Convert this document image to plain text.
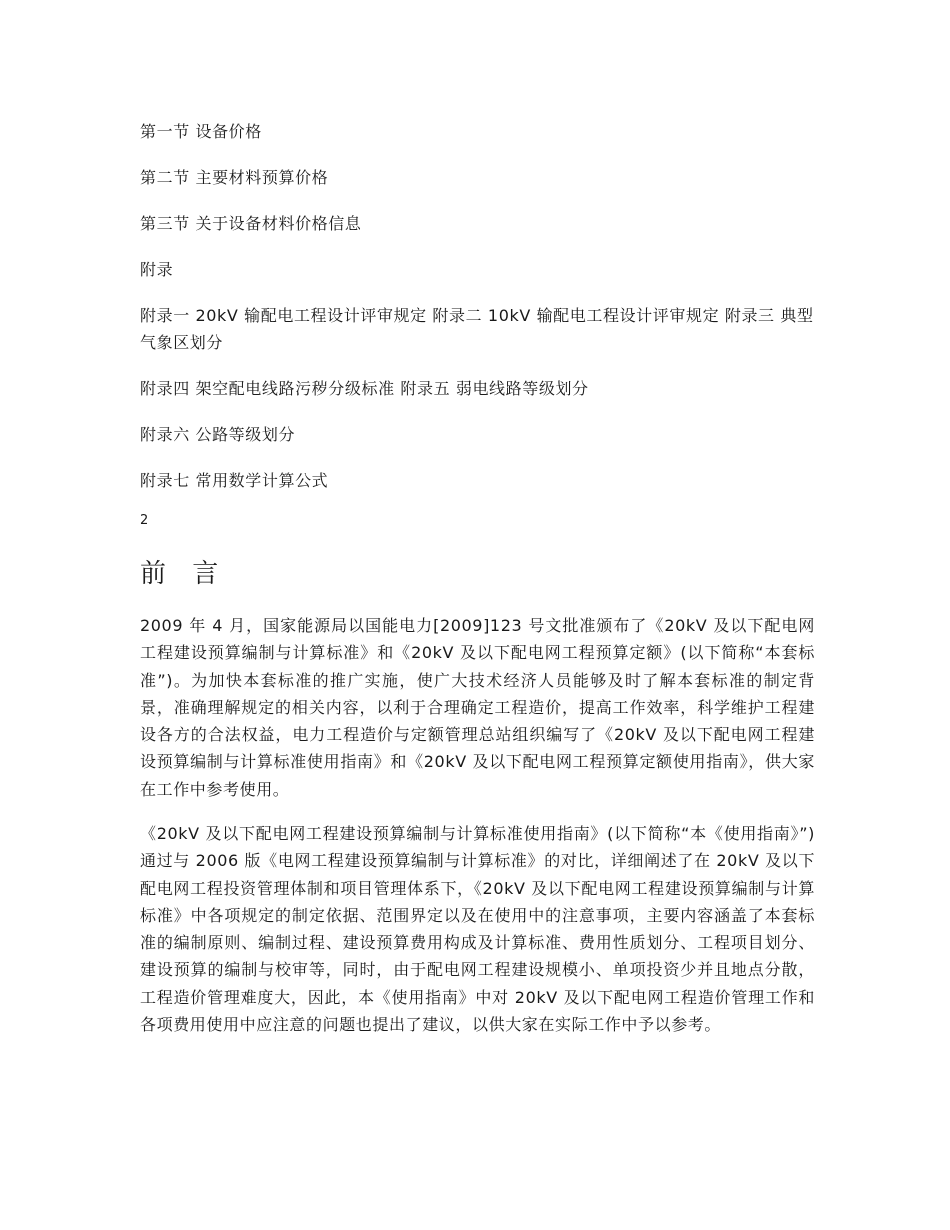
第一节 设备价格
第二节 主要材料预算价格
第三节 关于设备材料价格信息
附录
附录一 20kV 输配电工程设计评审规定 附录二 10kV 输配电工程设计评审规定 附录三 典型气象区划分
附录四 架空配电线路污秽分级标准 附录五 弱电线路等级划分
附录六 公路等级划分
附录七 常用数学计算公式
2
前 言

2009 年 4 月，国家能源局以国能电力[2009]123 号文批准颁布了《20kV 及以下配电网工程建设预算编制与计算标准》和《20kV 及以下配电网工程预算定额》(以下简称“本套标准”)。为加快本套标准的推广实施，使广大技术经济人员能够及时了解本套标准的制定背景，准确理解规定的相关内容，以利于合理确定工程造价，提高工作效率，科学维护工程建设各方的合法权益，电力工程造价与定额管理总站组织编写了《20kV 及以下配电网工程建设预算编制与计算标准使用指南》和《20kV 及以下配电网工程预算定额使用指南》，供大家在工作中参考使用。

《20kV 及以下配电网工程建设预算编制与计算标准使用指南》(以下简称“本《使用指南》”)通过与 2006 版《电网工程建设预算编制与计算标准》的对比，详细阐述了在 20kV 及以下配电网工程投资管理体制和项目管理体系下，《20kV 及以下配电网工程建设预算编制与计算标准》中各项规定的制定依据、范围界定以及在使用中的注意事项，主要内容涵盖了本套标准的编制原则、编制过程、建设预算费用构成及计算标准、费用性质划分、工程项目划分、建设预算的编制与校审等，同时，由于配电网工程建设规模小、单项投资少并且地点分散，工程造价管理难度大，因此，本《使用指南》中对 20kV 及以下配电网工程造价管理工作和各项费用使用中应注意的问题也提出了建议，以供大家在实际工作中予以参考。
